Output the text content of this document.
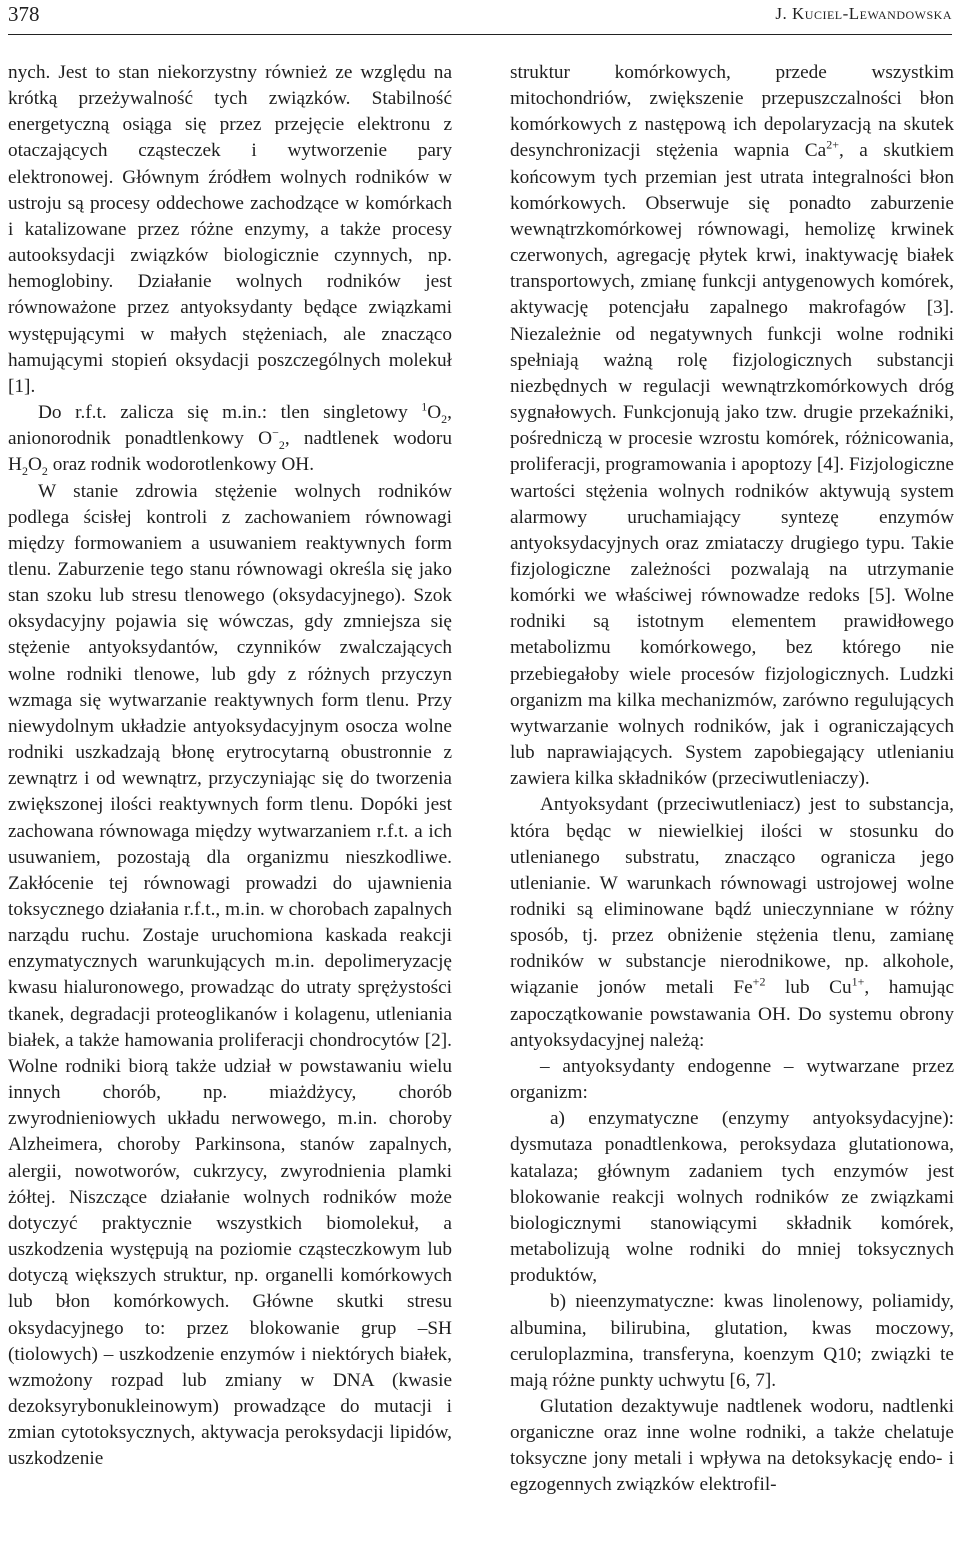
378	J. Kuciel-Lewandowska

nych. Jest to stan niekorzystny również ze względu na krótką przeżywalność tych związków. Stabilność energetyczną osiąga się przez przejęcie elektronu z otaczających cząsteczek i wytworzenie pary elektronowej. Głównym źródłem wolnych rodników w ustroju są procesy oddechowe zachodzące w komórkach i katalizowane przez różne enzymy, a także procesy autooksydacji związków biologicznie czynnych, np. hemoglobiny. Działanie wolnych rodników jest równoważone przez antyoksydanty będące związkami występującymi w małych stężeniach, ale znacząco hamującymi stopień oksydacji poszczególnych molekuł [1].

Do r.f.t. zalicza się m.in.: tlen singletowy $^1O_2$, anionorodnik ponadtlenkowy $O^-_2$, nadtlenek wodoru $H_2O_2$ oraz rodnik wodorotlenkowy OH.

W stanie zdrowia stężenie wolnych rodników podlega ścisłej kontroli z zachowaniem równowagi między formowaniem a usuwaniem reaktywnych form tlenu. Zaburzenie tego stanu równowagi określa się jako stan szoku lub stresu tlenowego (oksydacyjnego). Szok oksydacyjny pojawia się wówczas, gdy zmniejsza się stężenie antyoksydantów, czynników zwalczających wolne rodniki tlenowe, lub gdy z różnych przyczyn wzmaga się wytwarzanie reaktywnych form tlenu. Przy niewydolnym układzie antyoksydacyjnym osocza wolne rodniki uszkadzają błonę erytrocytarną obustronnie z zewnątrz i od wewnątrz, przyczyniając się do tworzenia zwiększonej ilości reaktywnych form tlenu. Dopóki jest zachowana równowaga między wytwarzaniem r.f.t. a ich usuwaniem, pozostają dla organizmu nieszkodliwe. Zakłócenie tej równowagi prowadzi do ujawnienia toksycznego działania r.f.t., m.in. w chorobach zapalnych narządu ruchu. Zostaje uruchomiona kaskada reakcji enzymatycznych warunkujących m.in. depolimeryzację kwasu hialuronowego, prowadząc do utraty sprężystości tkanek, degradacji proteoglikanów i kolagenu, utleniania białek, a także hamowania proliferacji chondrocytów [2]. Wolne rodniki biorą także udział w powstawaniu wielu innych chorób, np. miażdżycy, chorób zwyrodnieniowych układu nerwowego, m.in. choroby Alzheimera, choroby Parkinsona, stanów zapalnych, alergii, nowotworów, cukrzycy, zwyrodnienia plamki żółtej. Niszczące działanie wolnych rodników może dotyczyć praktycznie wszystkich biomolekuł, a uszkodzenia występują na poziomie cząsteczkowym lub dotyczą większych struktur, np. organelli komórkowych lub błon komórkowych. Główne skutki stresu oksydacyjnego to: przez blokowanie grup –SH (tiolowych) – uszkodzenie enzymów i niektórych białek, wzmożony rozpad lub zmiany w DNA (kwasie dezoksyrybonukleinowym) prowadzące do mutacji i zmian cytotoksycznych, aktywacja peroksydacji lipidów, uszkodzenie

struktur komórkowych, przede wszystkim mitochondriów, zwiększenie przepuszczalności błon komórkowych z następową ich depolaryzacją na skutek desynchronizacji stężenia wapnia $Ca^{2+}$, a skutkiem końcowym tych przemian jest utrata integralności błon komórkowych. Obserwuje się ponadto zaburzenie wewnątrzkomórkowej równowagi, hemolizę krwinek czerwonych, agregację płytek krwi, inaktywację białek transportowych, zmianę funkcji antygenowych komórek, aktywację potencjału zapalnego makrofagów [3]. Niezależnie od negatywnych funkcji wolne rodniki spełniają ważną rolę fizjologicznych substancji niezbędnych w regulacji wewnątrzkomórkowych dróg sygnałowych. Funkcjonują jako tzw. drugie przekaźniki, pośredniczą w procesie wzrostu komórek, różnicowania, proliferacji, programowania i apoptozy [4]. Fizjologiczne wartości stężenia wolnych rodników aktywują system alarmowy uruchamiający syntezę enzymów antyoksydacyjnych oraz zmiataczy drugiego typu. Takie fizjologiczne zależności pozwalają na utrzymanie komórki we właściwej równowadze redoks [5]. Wolne rodniki są istotnym elementem prawidłowego metabolizmu komórkowego, bez którego nie przebiegałoby wiele procesów fizjologicznych. Ludzki organizm ma kilka mechanizmów, zarówno regulujących wytwarzanie wolnych rodników, jak i ograniczających lub naprawiających. System zapobiegający utlenianiu zawiera kilka składników (przeciwutleniaczy).

Antyoksydant (przeciwutleniacz) jest to substancja, która będąc w niewielkiej ilości w stosunku do utlenianego substratu, znacząco ogranicza jego utlenianie. W warunkach równowagi ustrojowej wolne rodniki są eliminowane bądź unieczynniane w różny sposób, tj. przez obniżenie stężenia tlenu, zamianę rodników w substancje nierodnikowe, np. alkohole, wiązanie jonów metali $Fe^{+2}$ lub $Cu^{1+}$, hamując zapoczątkowanie powstawania OH. Do systemu obrony antyoksydacyjnej należą:

– antyoksydanty endogenne – wytwarzane przez organizm:

a) enzymatyczne (enzymy antyoksydacyjne): dysmutaza ponadtlenkowa, peroksydaza glutationowa, katalaza; głównym zadaniem tych enzymów jest blokowanie reakcji wolnych rodników ze związkami biologicznymi stanowiącymi składnik komórek, metabolizują wolne rodniki do mniej toksycznych produktów,

b) nieenzymatyczne: kwas linolenowy, poliamidy, albumina, bilirubina, glutation, kwas moczowy, ceruloplazmina, transferyna, koenzym Q10; związki te mają różne punkty uchwytu [6, 7].

Glutation dezaktywuje nadtlenek wodoru, nadtlenki organiczne oraz inne wolne rodniki, a także chelatuje toksyczne jony metali i wpływa na detoksykację endo- i egzogennych związków elektrofil-
